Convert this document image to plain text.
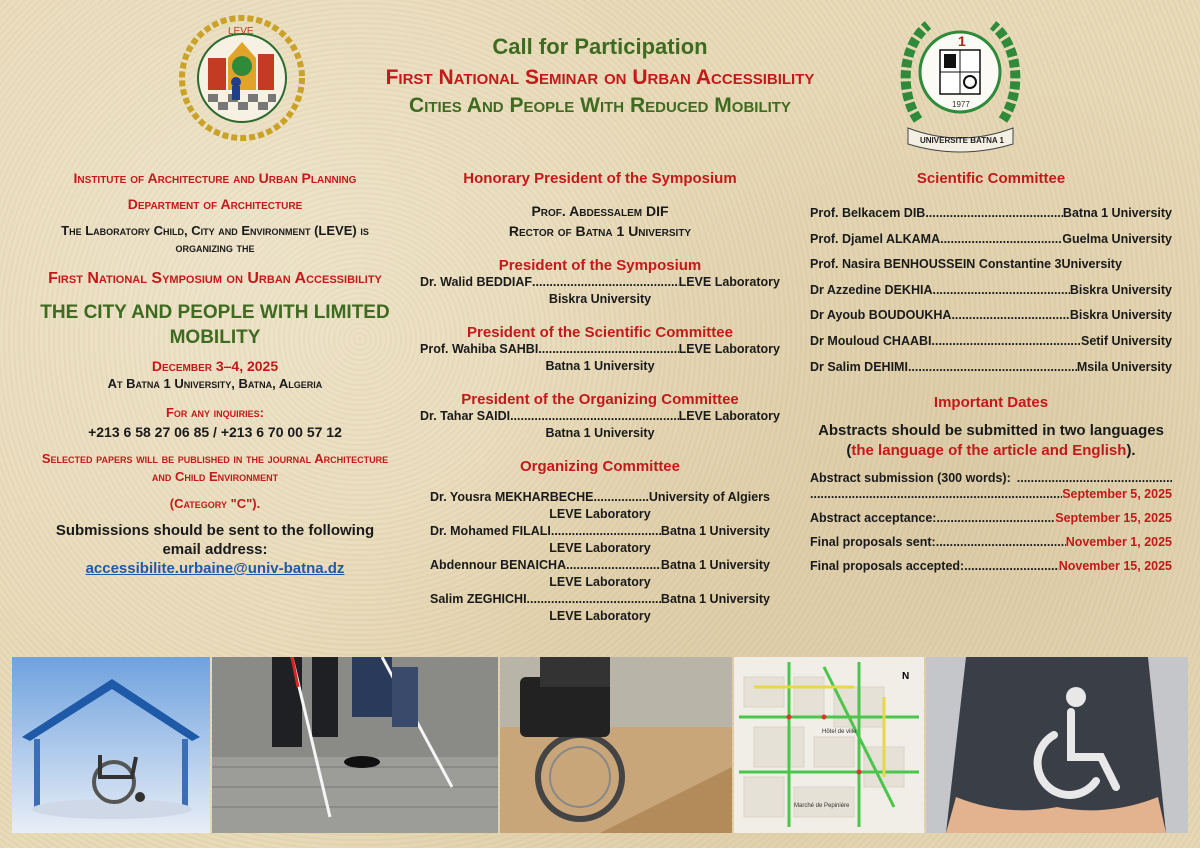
LEVE
Call for Participation
First National Seminar on Urban Accessibility
Cities And People With Reduced Mobility
1
1977
UNIVERSITE BATNA 1
Institute of Architecture and Urban Planning
Department of Architecture
The Laboratory Child, City and Environment (LEVE) is organizing the
First National Symposium on Urban Accessibility
THE CITY AND PEOPLE WITH LIMITED MOBILITY
December 3–4, 2025
At Batna 1 University, Batna, Algeria
For any inquiries:
+213 6 58 27 06 85 / +213 6 70 00 57 12
Selected papers will be published in the journal Architecture and Child Environment
(Category "C").
Submissions should be sent to the following email address:
accessibilite.urbaine@univ-batna.dz
Honorary President of the Symposium
Prof. Abdessalem DIF
Rector of Batna 1 University
President of the Symposium
Dr. Walid BEDDIAF .....	LEVE Laboratory
Biskra University
President of the Scientific Committee
Prof. Wahiba SAHBI .....	LEVE Laboratory
Batna 1 University
President of the Organizing Committee
Dr. Tahar SAIDI .....	LEVE Laboratory
Batna 1 University
Organizing Committee
Dr. Yousra MEKHARBECHE .....	University of Algiers
LEVE Laboratory
Dr. Mohamed FILALI .....	Batna 1 University
LEVE Laboratory
Abdennour BENAICHA .....	Batna 1 University
LEVE Laboratory
Salim ZEGHICHI .....	Batna 1 University
LEVE Laboratory
Scientific Committee
Prof. Belkacem DIB .....	Batna 1 University
Prof. Djamel ALKAMA .....	Guelma University
Prof. Nasira BENHOUSSEIN
Constantine 3University
Dr Azzedine DEKHIA .....	Biskra University
Dr Ayoub BOUDOUKHA .....	Biskra University
Dr Mouloud CHAABI .....	Setif University
Dr Salim DEHIMI .....	Msila University
Important Dates
Abstracts should be submitted in two languages (the language of the article and English).
Abstract submission (300 words):
.....
.....
September 5, 2025
Abstract acceptance: .....	September 15, 2025
Final proposals sent: .....	November 1, 2025
Final proposals accepted: .....	November 15, 2025
N
Hôtel de ville
Marché de Pepinière
